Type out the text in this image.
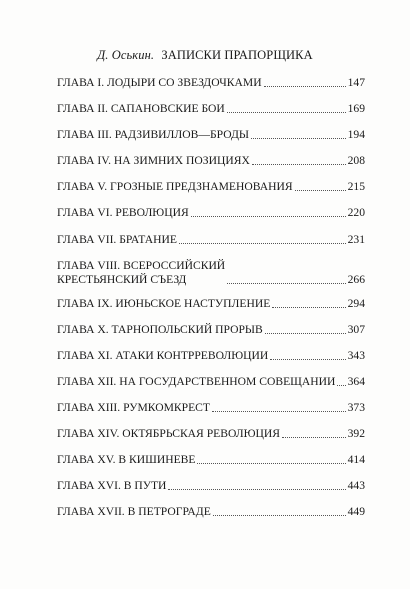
Д. Оськин. ЗАПИСКИ ПРАПОРЩИКА
ГЛАВА I. ЛОДЫРИ СО ЗВЕЗДОЧКАМИ	147
ГЛАВА II. САПАНОВСКИЕ БОИ	169
ГЛАВА III. РАДЗИВИЛЛОВ—БРОДЫ	194
ГЛАВА IV. НА ЗИМНИХ ПОЗИЦИЯХ	208
ГЛАВА V. ГРОЗНЫЕ ПРЕДЗНАМЕНОВАНИЯ	215
ГЛАВА VI. РЕВОЛЮЦИЯ	220
ГЛАВА VII. БРАТАНИЕ	231
ГЛАВА VIII. ВСЕРОССИЙСКИЙ
КРЕСТЬЯНСКИЙ СЪЕЗД	266
ГЛАВА IX. ИЮНЬСКОЕ НАСТУПЛЕНИЕ	294
ГЛАВА X. ТАРНОПОЛЬСКИЙ ПРОРЫВ	307
ГЛАВА XI. АТАКИ КОНТРРЕВОЛЮЦИИ	343
ГЛАВА XII. НА ГОСУДАРСТВЕННОМ СОВЕЩАНИИ 364
ГЛАВА XIII. РУМКОМКРЕСТ	373
ГЛАВА XIV. ОКТЯБРЬСКАЯ РЕВОЛЮЦИЯ	392
ГЛАВА XV. В КИШИНЕВЕ	414
ГЛАВА XVI. В ПУТИ	443
ГЛАВА XVII. В ПЕТРОГРАДЕ	449
